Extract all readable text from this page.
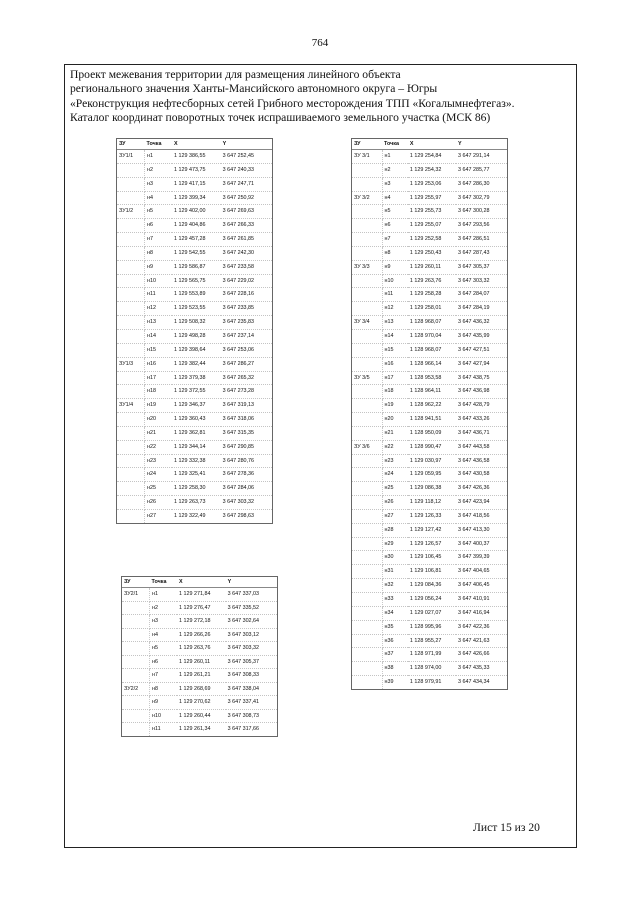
764
Проект межевания территории для размещения линейного объекта
регионального значения Ханты-Мансийского автономного округа – Югры
«Реконструкция нефтесборных сетей Грибного месторождения ТПП «Когалымнефтегаз».
Каталог координат поворотных точек испрашиваемого земельного участка (МСК 86)
ЗУ	Точка	X	Y
ЗУ1/1	н1	1 129 386,55	3 647 252,45
	н2	1 129 473,75	3 647 240,33
	н3	1 129 417,15	3 647 247,71
	н4	1 129 399,34	3 647 250,92
ЗУ1/2	н5	1 129 402,00	3 647 269,63
	н6	1 129 404,86	3 647 266,33
	н7	1 129 457,28	3 647 261,85
	н8	1 129 542,55	3 647 242,30
	н9	1 129 586,87	3 647 233,58
	н10	1 129 565,75	3 647 229,02
	н11	1 129 553,89	3 647 228,16
	н12	1 129 523,55	3 647 233,85
	н13	1 129 508,32	3 647 235,83
	н14	1 129 498,28	3 647 237,14
	н15	1 129 398,64	3 647 253,06
ЗУ1/3	н16	1 129 382,44	3 647 286,27
	н17	1 129 379,38	3 647 265,32
	н18	1 129 372,55	3 647 273,28
ЗУ1/4	н19	1 129 346,37	3 647 319,13
	н20	1 129 360,43	3 647 318,06
	н21	1 129 362,81	3 647 315,35
	н22	1 129 344,14	3 647 290,85
	н23	1 129 332,38	3 647 280,76
	н24	1 129 325,41	3 647 278,36
	н25	1 129 258,30	3 647 284,06
	н26	1 129 263,73	3 647 303,32
	н27	1 129 322,49	3 647 298,63
ЗУ	Точка	X	Y
ЗУ 3/1	н1	1 129 254,84	3 647 291,14
	н2	1 129 254,32	3 647 285,77
	н3	1 129 253,06	3 647 286,30
ЗУ 3/2	н4	1 129 255,97	3 647 302,79
	н5	1 129 255,73	3 647 300,28
	н6	1 129 255,07	3 647 293,56
	н7	1 129 252,58	3 647 286,51
	н8	1 129 250,43	3 647 287,43
ЗУ 3/3	н9	1 129 260,11	3 647 305,37
	н10	1 129 263,76	3 647 303,32
	н11	1 129 258,28	3 647 284,07
	н12	1 129 258,01	3 647 284,19
ЗУ 3/4	н13	1 128 968,07	3 647 436,32
	н14	1 128 970,04	3 647 435,99
	н15	1 128 968,07	3 647 427,51
	н16	1 128 966,14	3 647 427,94
ЗУ 3/5	н17	1 128 953,58	3 647 438,75
	н18	1 128 964,11	3 647 436,98
	н19	1 128 962,22	3 647 428,79
	н20	1 128 941,51	3 647 433,26
	н21	1 128 950,09	3 647 436,71
ЗУ 3/6	н22	1 128 990,47	3 647 443,58
	н23	1 129 030,97	3 647 436,58
	н24	1 129 059,95	3 647 430,58
	н25	1 129 086,38	3 647 426,36
	н26	1 129 118,12	3 647 423,94
	н27	1 129 126,33	3 647 418,56
	н28	1 129 127,42	3 647 413,30
	н29	1 129 126,57	3 647 400,37
	н30	1 129 106,45	3 647 399,39
	н31	1 129 106,81	3 647 404,65
	н32	1 129 084,36	3 647 406,45
	н33	1 129 056,24	3 647 410,91
	н34	1 129 027,07	3 647 416,94
	н35	1 128 995,96	3 647 422,36
	н36	1 128 955,27	3 647 421,63
	н37	1 128 971,99	3 647 426,66
	н38	1 128 974,00	3 647 435,33
	н39	1 128 979,91	3 647 434,34
ЗУ	Точка	X	Y
ЗУ2/1	н1	1 129 271,84	3 647 337,03
	н2	1 129 276,47	3 647 335,52
	н3	1 129 272,18	3 647 302,64
	н4	1 129 266,26	3 647 303,12
	н5	1 129 263,76	3 647 303,32
	н6	1 129 260,11	3 647 305,37
	н7	1 129 261,21	3 647 308,33
ЗУ2/2	н8	1 129 268,69	3 647 338,04
	н9	1 129 270,62	3 647 337,41
	н10	1 129 260,44	3 647 308,73
	н11	1 129 261,34	3 647 317,66
Лист 15 из 20
